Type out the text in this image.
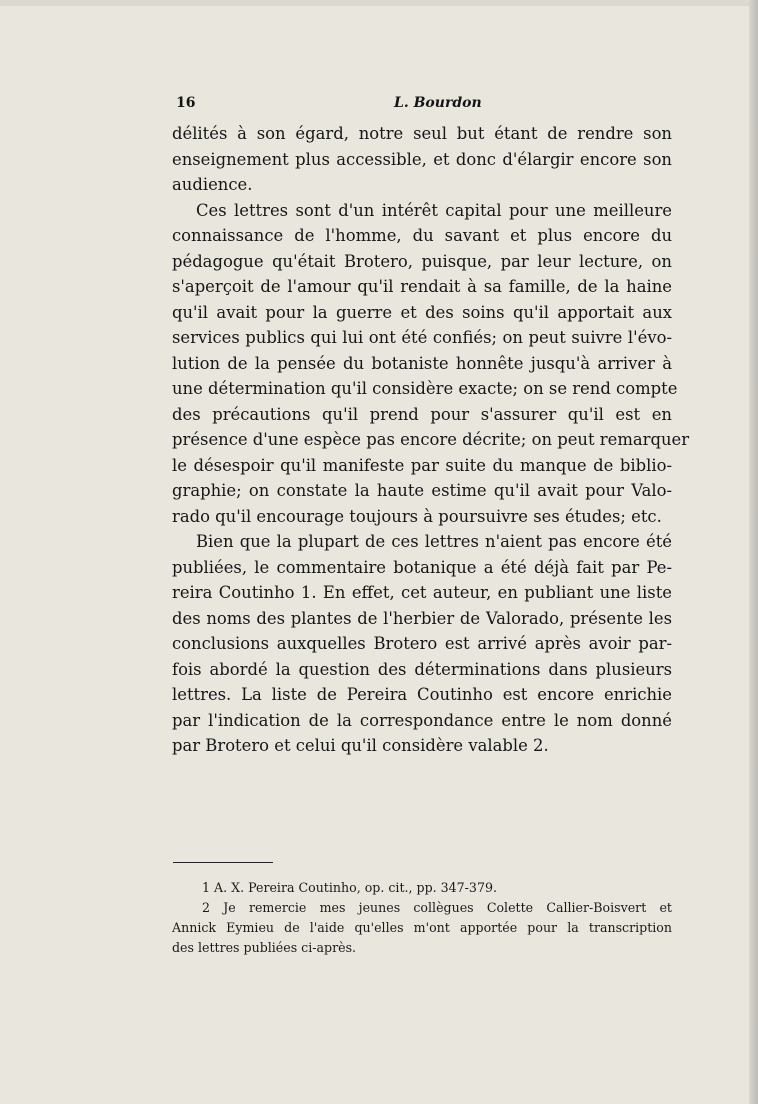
16	L. Bourdon
délités à son égard, notre seul but étant de rendre son
enseignement plus accessible, et donc d'élargir encore son
audience.
Ces lettres sont d'un intérêt capital pour une meilleure
connaissance de l'homme, du savant et plus encore du
pédagogue qu'était Brotero, puisque, par leur lecture, on
s'aperçoit de l'amour qu'il rendait à sa famille, de la haine
qu'il avait pour la guerre et des soins qu'il apportait aux
services publics qui lui ont été confiés; on peut suivre l'évo-
lution de la pensée du botaniste honnête jusqu'à arriver à
une détermination qu'il considère exacte; on se rend compte
des précautions qu'il prend pour s'assurer qu'il est en
présence d'une espèce pas encore décrite; on peut remarquer
le désespoir qu'il manifeste par suite du manque de biblio-
graphie; on constate la haute estime qu'il avait pour Valo-
rado qu'il encourage toujours à poursuivre ses études; etc.
Bien que la plupart de ces lettres n'aient pas encore été
publiées, le commentaire botanique a été déjà fait par Pe-
reira Coutinho 1. En effet, cet auteur, en publiant une liste
des noms des plantes de l'herbier de Valorado, présente les
conclusions auxquelles Brotero est arrivé après avoir par-
fois abordé la question des déterminations dans plusieurs
lettres. La liste de Pereira Coutinho est encore enrichie
par l'indication de la correspondance entre le nom donné
par Brotero et celui qu'il considère valable 2.
1 A. X. Pereira Coutinho, op. cit., pp. 347-379.
2 Je remercie mes jeunes collègues Colette Callier-Boisvert et
Annick Eymieu de l'aide qu'elles m'ont apportée pour la transcription
des lettres publiées ci-après.
